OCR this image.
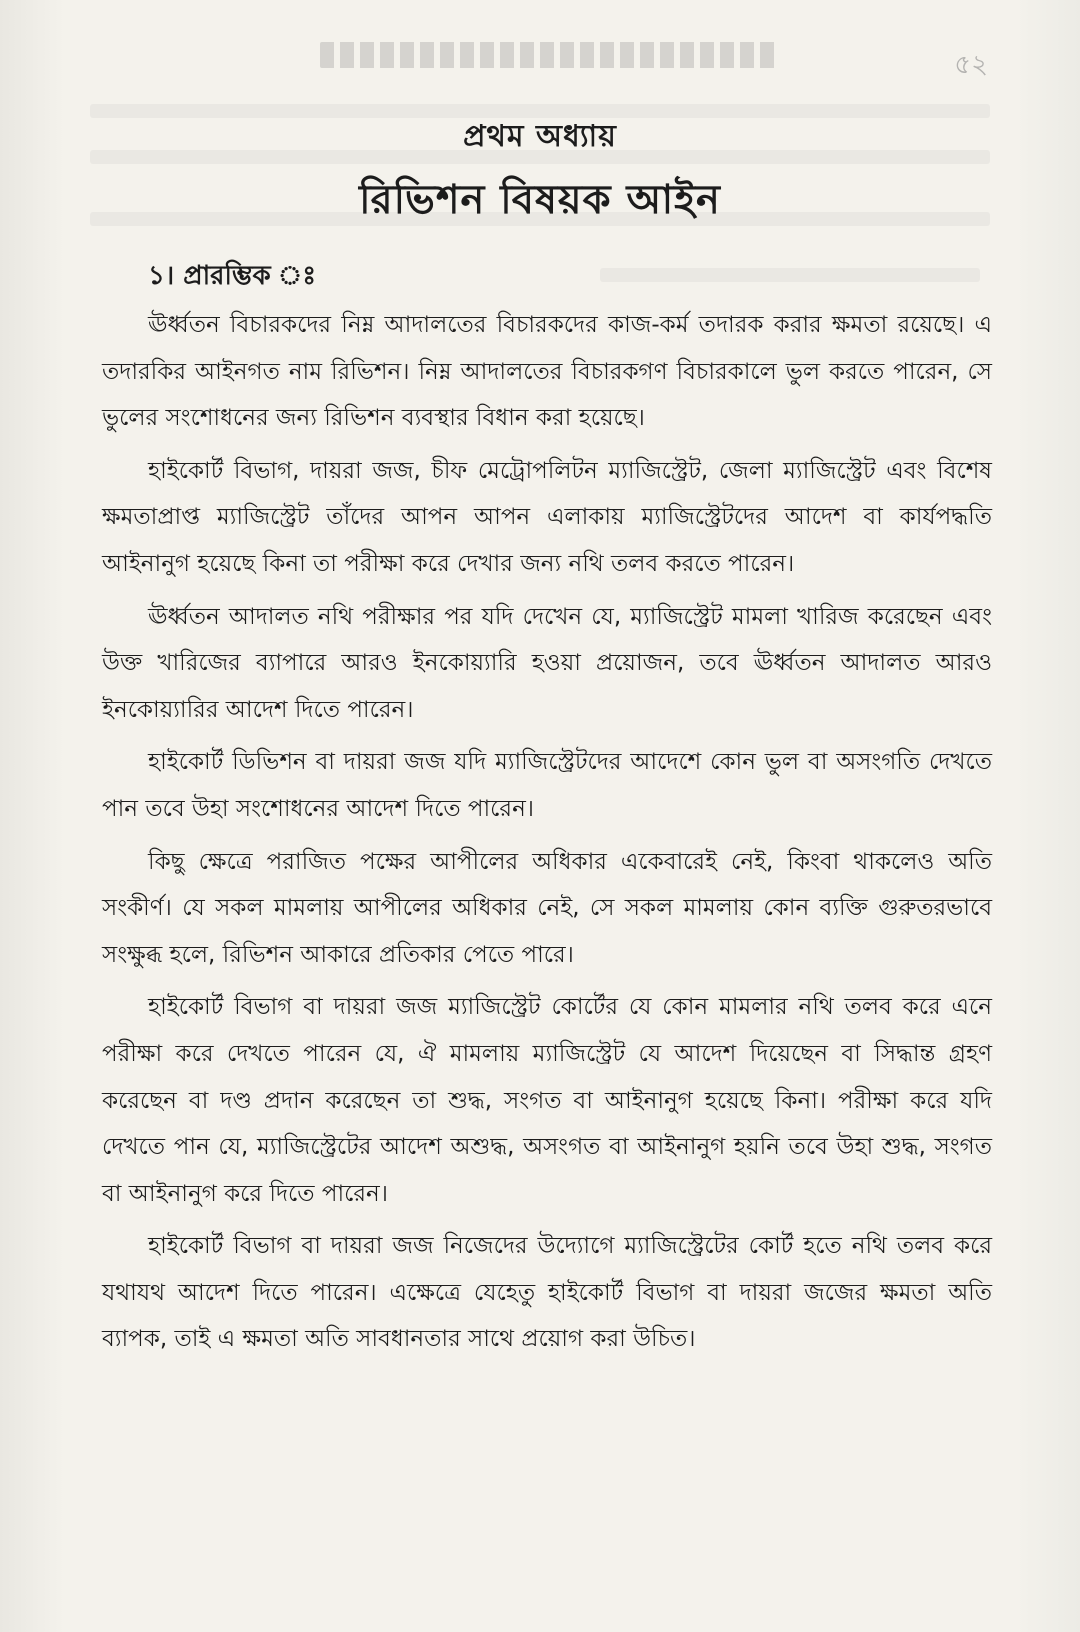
৫২
প্রথম অধ্যায়
রিভিশন বিষয়ক আইন
১। প্রারম্ভিক ঃ

ঊর্ধ্বতন বিচারকদের নিম্ন আদালতের বিচারকদের কাজ-কর্ম তদারক করার ক্ষমতা রয়েছে। এ তদারকির আইনগত নাম রিভিশন। নিম্ন আদালতের বিচারকগণ বিচারকালে ভুল করতে পারেন, সে ভুলের সংশোধনের জন্য রিভিশন ব্যবস্থার বিধান করা হয়েছে।

হাইকোর্ট বিভাগ, দায়রা জজ, চীফ মেট্রোপলিটন ম্যাজিস্ট্রেট, জেলা ম্যাজিস্ট্রেট এবং বিশেষ ক্ষমতাপ্রাপ্ত ম্যাজিস্ট্রেট তাঁদের আপন আপন এলাকায় ম্যাজিস্ট্রেটদের আদেশ বা কার্যপদ্ধতি আইনানুগ হয়েছে কিনা তা পরীক্ষা করে দেখার জন্য নথি তলব করতে পারেন।

ঊর্ধ্বতন আদালত নথি পরীক্ষার পর যদি দেখেন যে, ম্যাজিস্ট্রেট মামলা খারিজ করেছেন এবং উক্ত খারিজের ব্যাপারে আরও ইনকোয়্যারি হওয়া প্রয়োজন, তবে ঊর্ধ্বতন আদালত আরও ইনকোয়্যারির আদেশ দিতে পারেন।

হাইকোর্ট ডিভিশন বা দায়রা জজ যদি ম্যাজিস্ট্রেটদের আদেশে কোন ভুল বা অসংগতি দেখতে পান তবে উহা সংশোধনের আদেশ দিতে পারেন।

কিছু ক্ষেত্রে পরাজিত পক্ষের আপীলের অধিকার একেবারেই নেই, কিংবা থাকলেও অতি সংকীর্ণ। যে সকল মামলায় আপীলের অধিকার নেই, সে সকল মামলায় কোন ব্যক্তি গুরুতরভাবে সংক্ষুব্ধ হলে, রিভিশন আকারে প্রতিকার পেতে পারে।

হাইকোর্ট বিভাগ বা দায়রা জজ ম্যাজিস্ট্রেট কোর্টের যে কোন মামলার নথি তলব করে এনে পরীক্ষা করে দেখতে পারেন যে, ঐ মামলায় ম্যাজিস্ট্রেট যে আদেশ দিয়েছেন বা সিদ্ধান্ত গ্রহণ করেছেন বা দণ্ড প্রদান করেছেন তা শুদ্ধ, সংগত বা আইনানুগ হয়েছে কিনা। পরীক্ষা করে যদি দেখতে পান যে, ম্যাজিস্ট্রেটের আদেশ অশুদ্ধ, অসংগত বা আইনানুগ হয়নি তবে উহা শুদ্ধ, সংগত বা আইনানুগ করে দিতে পারেন।

হাইকোর্ট বিভাগ বা দায়রা জজ নিজেদের উদ্যোগে ম্যাজিস্ট্রেটের কোর্ট হতে নথি তলব করে যথাযথ আদেশ দিতে পারেন। এক্ষেত্রে যেহেতু হাইকোর্ট বিভাগ বা দায়রা জজের ক্ষমতা অতি ব্যাপক, তাই এ ক্ষমতা অতি সাবধানতার সাথে প্রয়োগ করা উচিত।
